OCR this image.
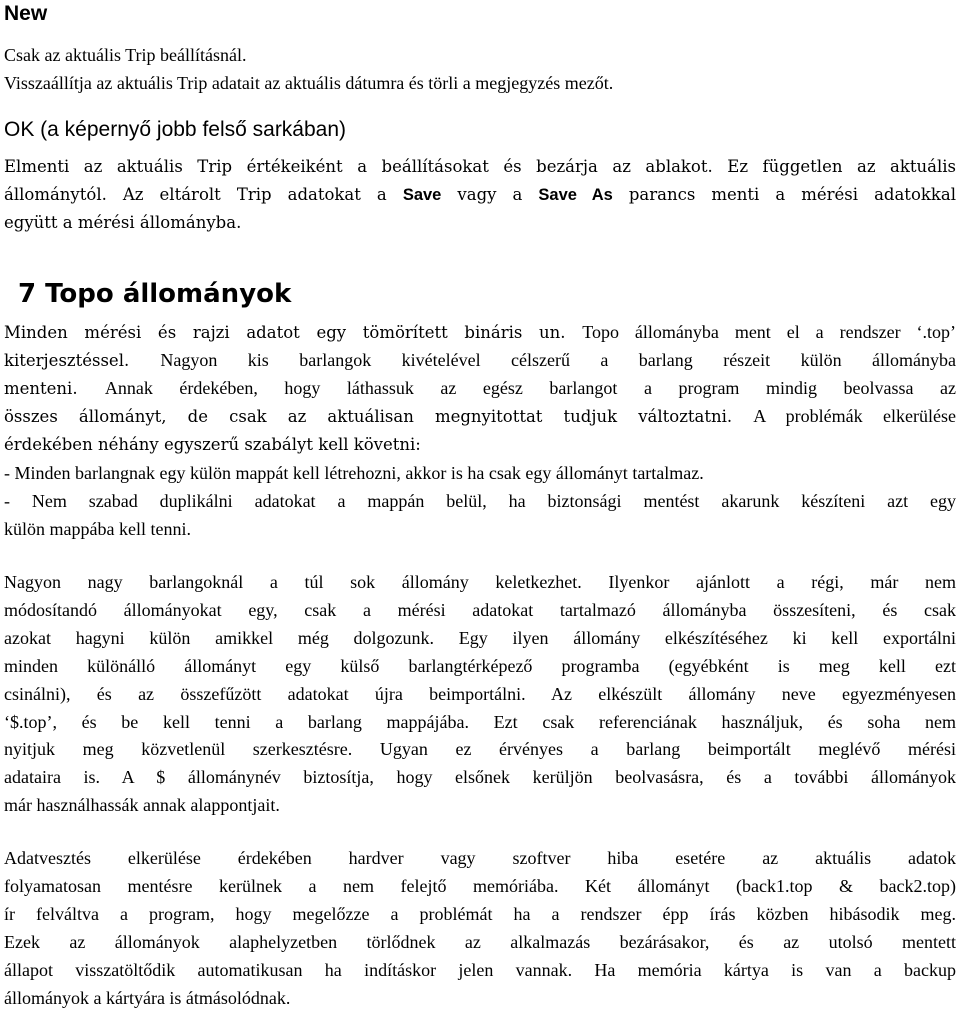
New
Csak az aktuális Trip beállításnál.
Visszaállítja az aktuális Trip adatait az aktuális dátumra és törli a megjegyzés mezőt.
OK (a képernyő jobb felső sarkában)
Elmenti az aktuális Trip értékeiként a beállításokat és bezárja az ablakot. Ez független az aktuális
állománytól. Az eltárolt Trip adatokat a Save vagy a Save As parancs menti a mérési adatokkal
együtt a mérési állományba.
7 Topo állományok
Minden mérési és rajzi adatot egy tömörített bináris un. Topo állományba ment el a rendszer ‘.top’
kiterjesztéssel. Nagyon kis barlangok kivételével célszerű a barlang részeit külön állományba
menteni. Annak érdekében, hogy láthassuk az egész barlangot a program mindig beolvassa az
összes állományt, de csak az aktuálisan megnyitottat tudjuk változtatni. A problémák elkerülése
érdekében néhány egyszerű szabályt kell követni:
- Minden barlangnak egy külön mappát kell létrehozni, akkor is ha csak egy állományt tartalmaz.
- Nem szabad duplikálni adatokat a mappán belül, ha biztonsági mentést akarunk készíteni azt egy
külön mappába kell tenni.
Nagyon nagy barlangoknál a túl sok állomány keletkezhet. Ilyenkor ajánlott a régi, már nem
módosítandó állományokat egy, csak a mérési adatokat tartalmazó állományba összesíteni, és csak
azokat hagyni külön amikkel még dolgozunk. Egy ilyen állomány elkészítéséhez ki kell exportálni
minden különálló állományt egy külső barlangtérképező programba (egyébként is meg kell ezt
csinálni), és az összefűzött adatokat újra beimportálni. Az elkészült állomány neve egyezményesen
‘$.top’, és be kell tenni a barlang mappájába. Ezt csak referenciának használjuk, és soha nem
nyitjuk meg közvetlenül szerkesztésre. Ugyan ez érvényes a barlang beimportált meglévő mérési
adataira is. A $ állománynév biztosítja, hogy elsőnek kerüljön beolvasásra, és a további állományok
már használhassák annak alappontjait.
Adatvesztés elkerülése érdekében hardver vagy szoftver hiba esetére az aktuális adatok
folyamatosan mentésre kerülnek a nem felejtő memóriába. Két állományt (back1.top & back2.top)
ír felváltva a program, hogy megelőzze a problémát ha a rendszer épp írás közben hibásodik meg.
Ezek az állományok alaphelyzetben törlődnek az alkalmazás bezárásakor, és az utolsó mentett
állapot visszatöltődik automatikusan ha indításkor jelen vannak. Ha memória kártya is van a backup
állományok a kártyára is átmásolódnak.
